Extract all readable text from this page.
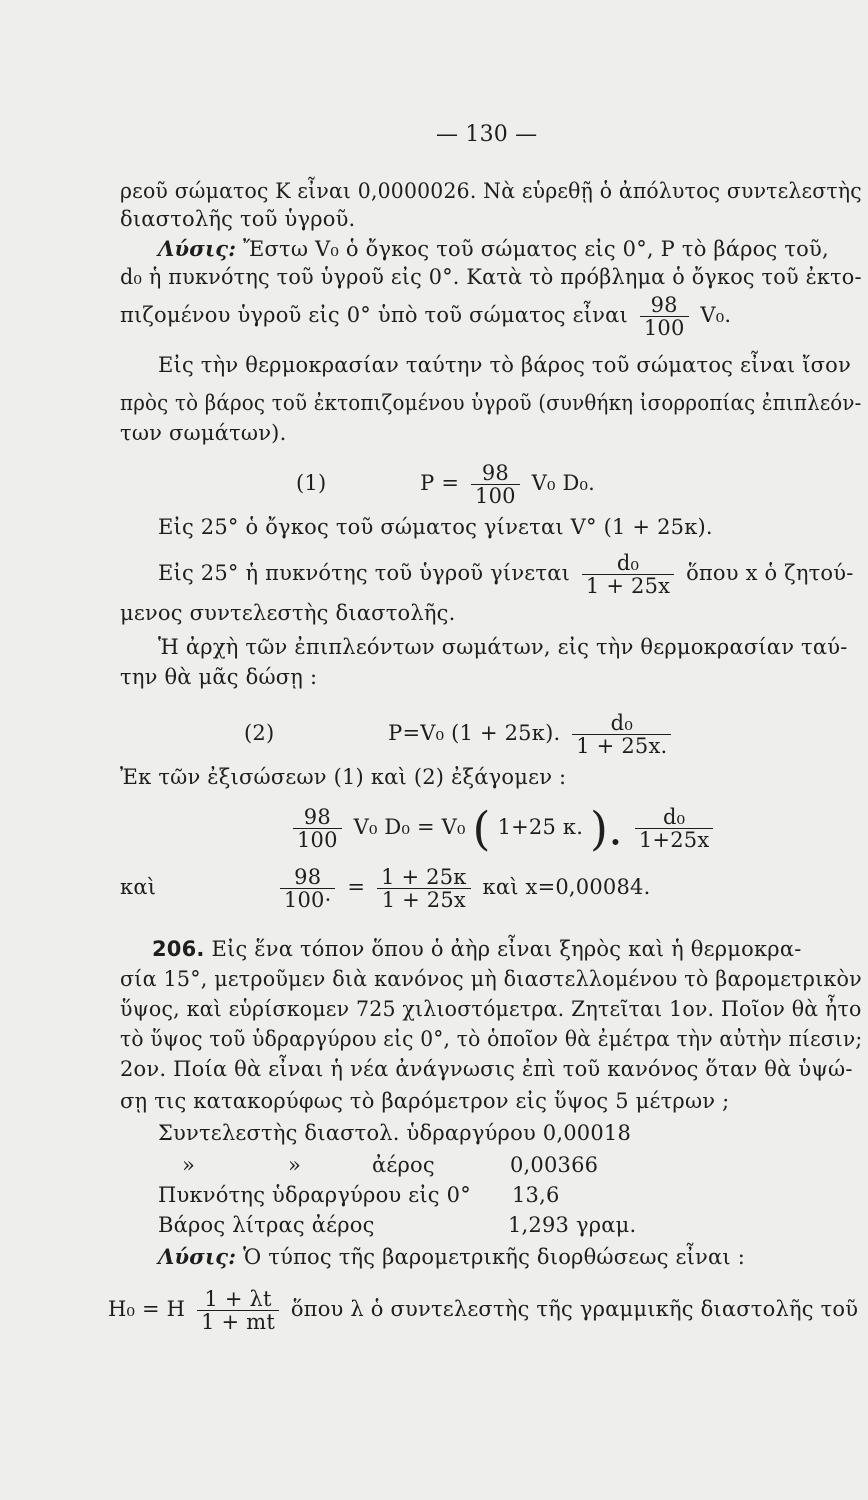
— 130 —
ρεοῦ σώματος Κ εἶναι 0,0000026. Νὰ εὑρεθῇ ὁ ἀπόλυτος συντελεστὴς
διαστολῆς τοῦ ὑγροῦ.
Λύσις: Ἔστω V₀ ὁ ὄγκος τοῦ σώματος εἰς 0°, Ρ τὸ βάρος τοῦ,
d₀ ἡ πυκνότης τοῦ ὑγροῦ εἰς 0°. Κατὰ τὸ πρόβλημα ὁ ὄγκος τοῦ ἐκτο-
πιζομένου ὑγροῦ εἰς 0° ὑπὸ τοῦ σώματος εἶναι $\frac{98}{100} V_0$.
Εἰς τὴν θερμοκρασίαν ταύτην τὸ βάρος τοῦ σώματος εἶναι ἴσον
πρὸς τὸ βάρος τοῦ ἐκτοπιζομένου ὑγροῦ (συνθήκη ἰσορροπίας ἐπιπλεόν-
των σωμάτων).
(1)	$P = \frac{98}{100} V_0$ D₀.
Εἰς 25° ὁ ὄγκος τοῦ σώματος γίνεται V° (1 + 25κ).
Εἰς 25° ἡ πυκνότης τοῦ ὑγροῦ γίνεται $\frac{\text{d₀}}{1 + 25x}$ ὅπου x ὁ ζητού-
μενος συντελεστὴς διαστολῆς.
Ἡ ἀρχὴ τῶν ἐπιπλεόντων σωμάτων, εἰς τὴν θερμοκρασίαν ταύ-
την θὰ μᾶς δώσῃ :
(2)	P=V₀ (1 + 25κ). $\frac{\text{d₀}}{1 + 25x.}$
Ἐκ τῶν ἐξισώσεων (1) καὶ (2) ἐξάγομεν :
$\frac{98}{100} V_0$ D₀ = V₀ ( 1+25 κ. ). $\frac{\text{d₀}}{1+25x}$
καὶ	$\frac{98}{100\cdot} = \frac{1 + 25\kappa}{1 + 25x}$ καὶ x=0,00084.
206. Εἰς ἕνα τόπον ὅπου ὁ ἀὴρ εἶναι ξηρὸς καὶ ἡ θερμοκρα-
σία 15°, μετροῦμεν διὰ κανόνος μὴ διαστελλομένου τὸ βαρομετρικὸν
ὕψος, καὶ εὑρίσκομεν 725 χιλιοστόμετρα. Ζητεῖται 1ον. Ποῖον θὰ ἦτο
τὸ ὕψος τοῦ ὑδραργύρου εἰς 0°, τὸ ὁποῖον θὰ ἐμέτρα τὴν αὐτὴν πίεσιν;
2ον. Ποία θὰ εἶναι ἡ νέα ἀνάγνωσις ἐπὶ τοῦ κανόνος ὅταν θὰ ὑψώ-
σῃ τις κατακορύφως τὸ βαρόμετρον εἰς ὕψος 5 μέτρων ;
Συντελεστὴς διαστολ. ὑδραργύρου 0,00018
»	»	ἀέρος	0,00366
Πυκνότης ὑδραργύρου εἰς 0° 13,6
Βάρος λίτρας ἀέρος	1,293 γραμ.
Λύσις: Ὁ τύπος τῆς βαρομετρικῆς διορθώσεως εἶναι :
H₀ = H $\frac{1 + \lambda t}{1 + mt}$ ὅπου λ ὁ συντελεστὴς τῆς γραμμικῆς διαστολῆς τοῦ
